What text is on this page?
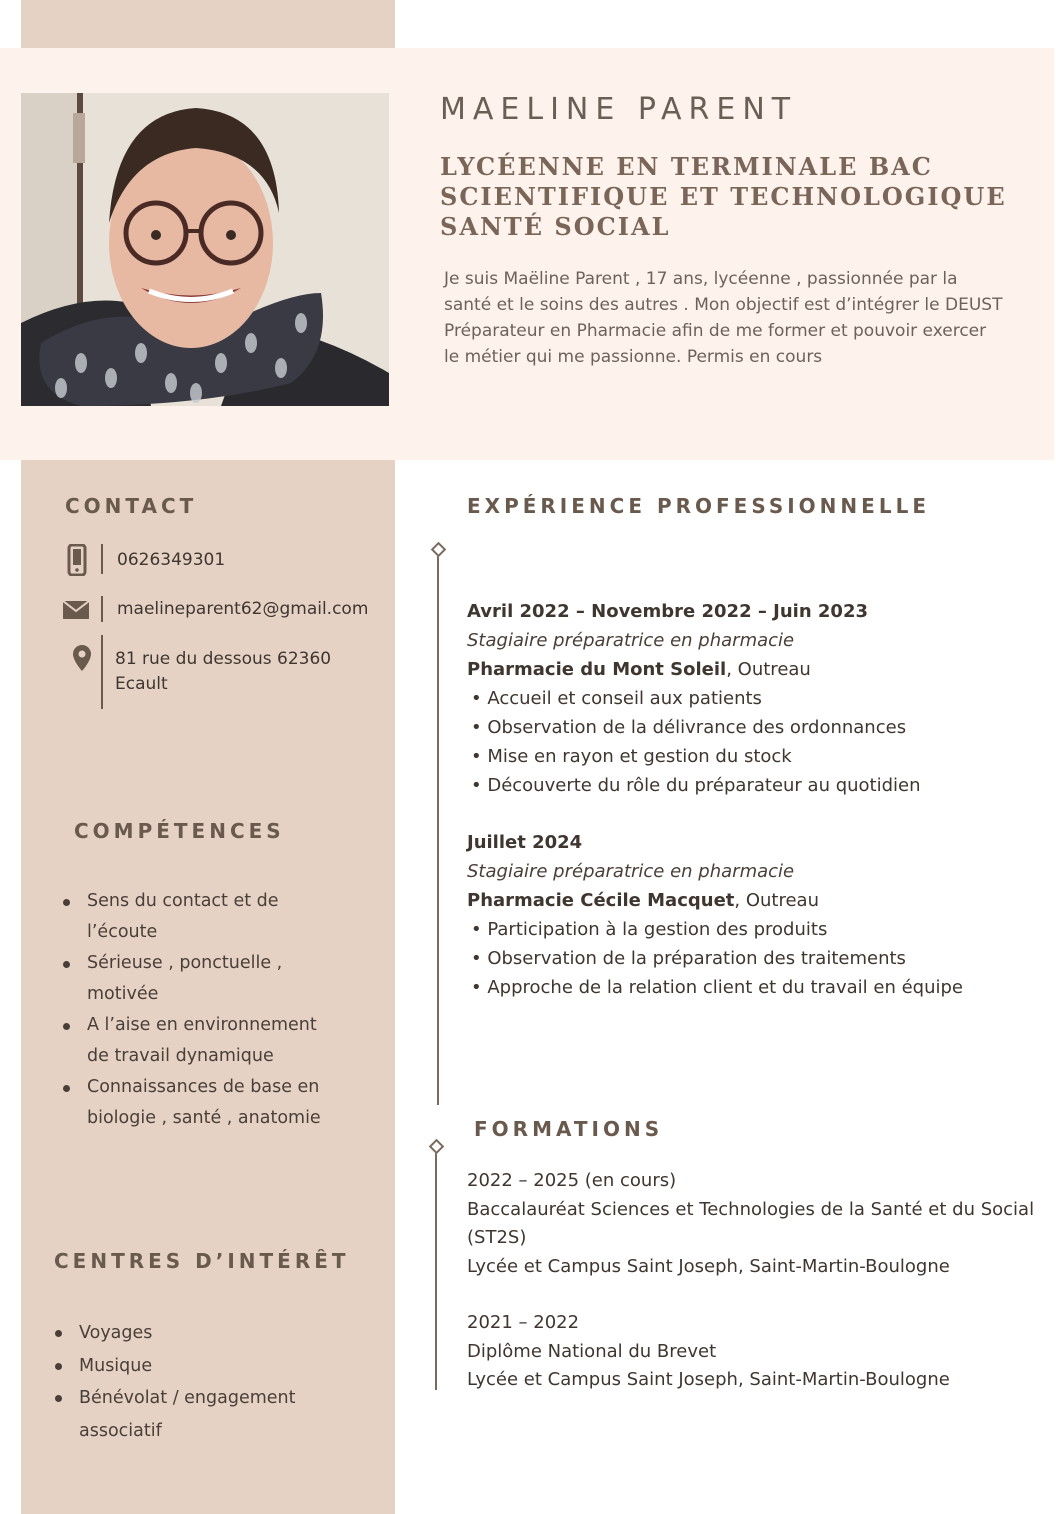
MAELINE PARENT
LYCÉENNE EN TERMINALE BAC SCIENTIFIQUE ET TECHNOLOGIQUE SANTÉ SOCIAL
Je suis Maëline Parent , 17 ans, lycéenne , passionnée par la santé et le soins des autres . Mon objectif est d’intégrer le DEUST Préparateur en Pharmacie afin de me former et pouvoir exercer le métier qui me passionne. Permis en cours
CONTACT
0626349301
maelineparent62@gmail.com
81 rue du dessous 62360
Ecault
COMPÉTENCES
Sens du contact et de l’écoute
Sérieuse , ponctuelle , motivée
A l’aise en environnement de travail dynamique
Connaissances de base en biologie , santé , anatomie
CENTRES D’INTÉRÊT
Voyages
Musique
Bénévolat / engagement associatif
EXPÉRIENCE PROFESSIONNELLE
Avril 2022 – Novembre 2022 – Juin 2023
Stagiaire préparatrice en pharmacie
Pharmacie du Mont Soleil, Outreau
• Accueil et conseil aux patients
• Observation de la délivrance des ordonnances
• Mise en rayon et gestion du stock
• Découverte du rôle du préparateur au quotidien
Juillet 2024
Stagiaire préparatrice en pharmacie
Pharmacie Cécile Macquet, Outreau
• Participation à la gestion des produits
• Observation de la préparation des traitements
• Approche de la relation client et du travail en équipe
FORMATIONS
2022 – 2025 (en cours)
Baccalauréat Sciences et Technologies de la Santé et du Social (ST2S)
Lycée et Campus Saint Joseph, Saint-Martin-Boulogne
2021 – 2022
Diplôme National du Brevet
Lycée et Campus Saint Joseph, Saint-Martin-Boulogne
